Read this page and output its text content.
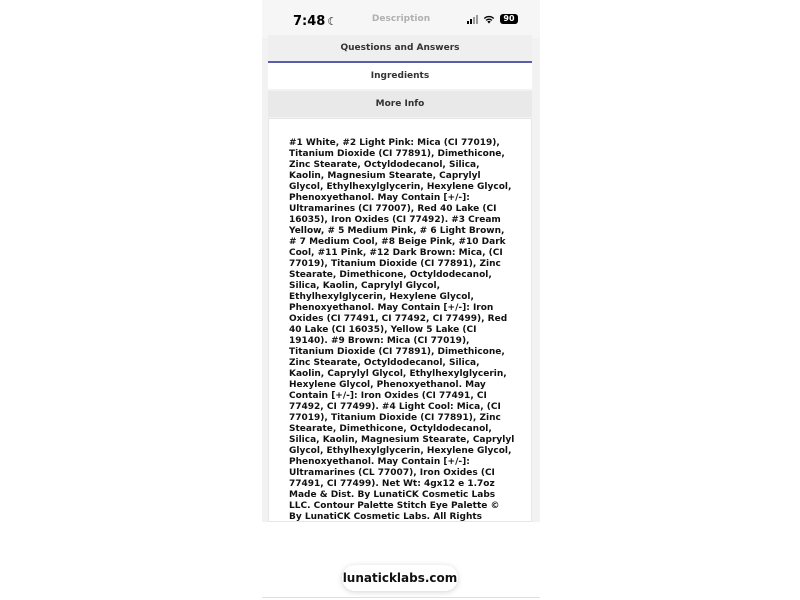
7:48 ☾	Description	90
Questions and Answers
Ingredients
More Info
#1 White, #2 Light Pink: Mica (CI 77019), Titanium Dioxide (CI 77891), Dimethicone, Zinc Stearate, Octyldodecanol, Silica, Kaolin, Magnesium Stearate, Caprylyl Glycol, Ethylhexylglycerin, Hexylene Glycol, Phenoxyethanol. May Contain [+/-]: Ultramarines (CI 77007), Red 40 Lake (CI 16035), Iron Oxides (CI 77492). #3 Cream Yellow, # 5 Medium Pink, # 6 Light Brown, # 7 Medium Cool, #8 Beige Pink, #10 Dark Cool, #11 Pink, #12 Dark Brown: Mica, (CI 77019), Titanium Dioxide (CI 77891), Zinc Stearate, Dimethicone, Octyldodecanol, Silica, Kaolin, Caprylyl Glycol, Ethylhexylglycerin, Hexylene Glycol, Phenoxyethanol. May Contain [+/-]: Iron Oxides (CI 77491, CI 77492, CI 77499), Red 40 Lake (CI 16035), Yellow 5 Lake (CI 19140). #9 Brown: Mica (CI 77019), Titanium Dioxide (CI 77891), Dimethicone, Zinc Stearate, Octyldodecanol, Silica, Kaolin, Caprylyl Glycol, Ethylhexylglycerin, Hexylene Glycol, Phenoxyethanol. May Contain [+/-]: Iron Oxides (CI 77491, CI 77492, CI 77499). #4 Light Cool: Mica, (CI 77019), Titanium Dioxide (CI 77891), Zinc Stearate, Dimethicone, Octyldodecanol, Silica, Kaolin, Magnesium Stearate, Caprylyl Glycol, Ethylhexylglycerin, Hexylene Glycol, Phenoxyethanol. May Contain [+/-]: Ultramarines (CL 77007), Iron Oxides (CI 77491, CI 77499). Net Wt: 4gx12 e 1.7oz Made & Dist. By LunatiCK Cosmetic Labs LLC. Contour Palette Stitch Eye Palette © By LunatiCK Cosmetic Labs. All Rights
lunaticklabs.com
